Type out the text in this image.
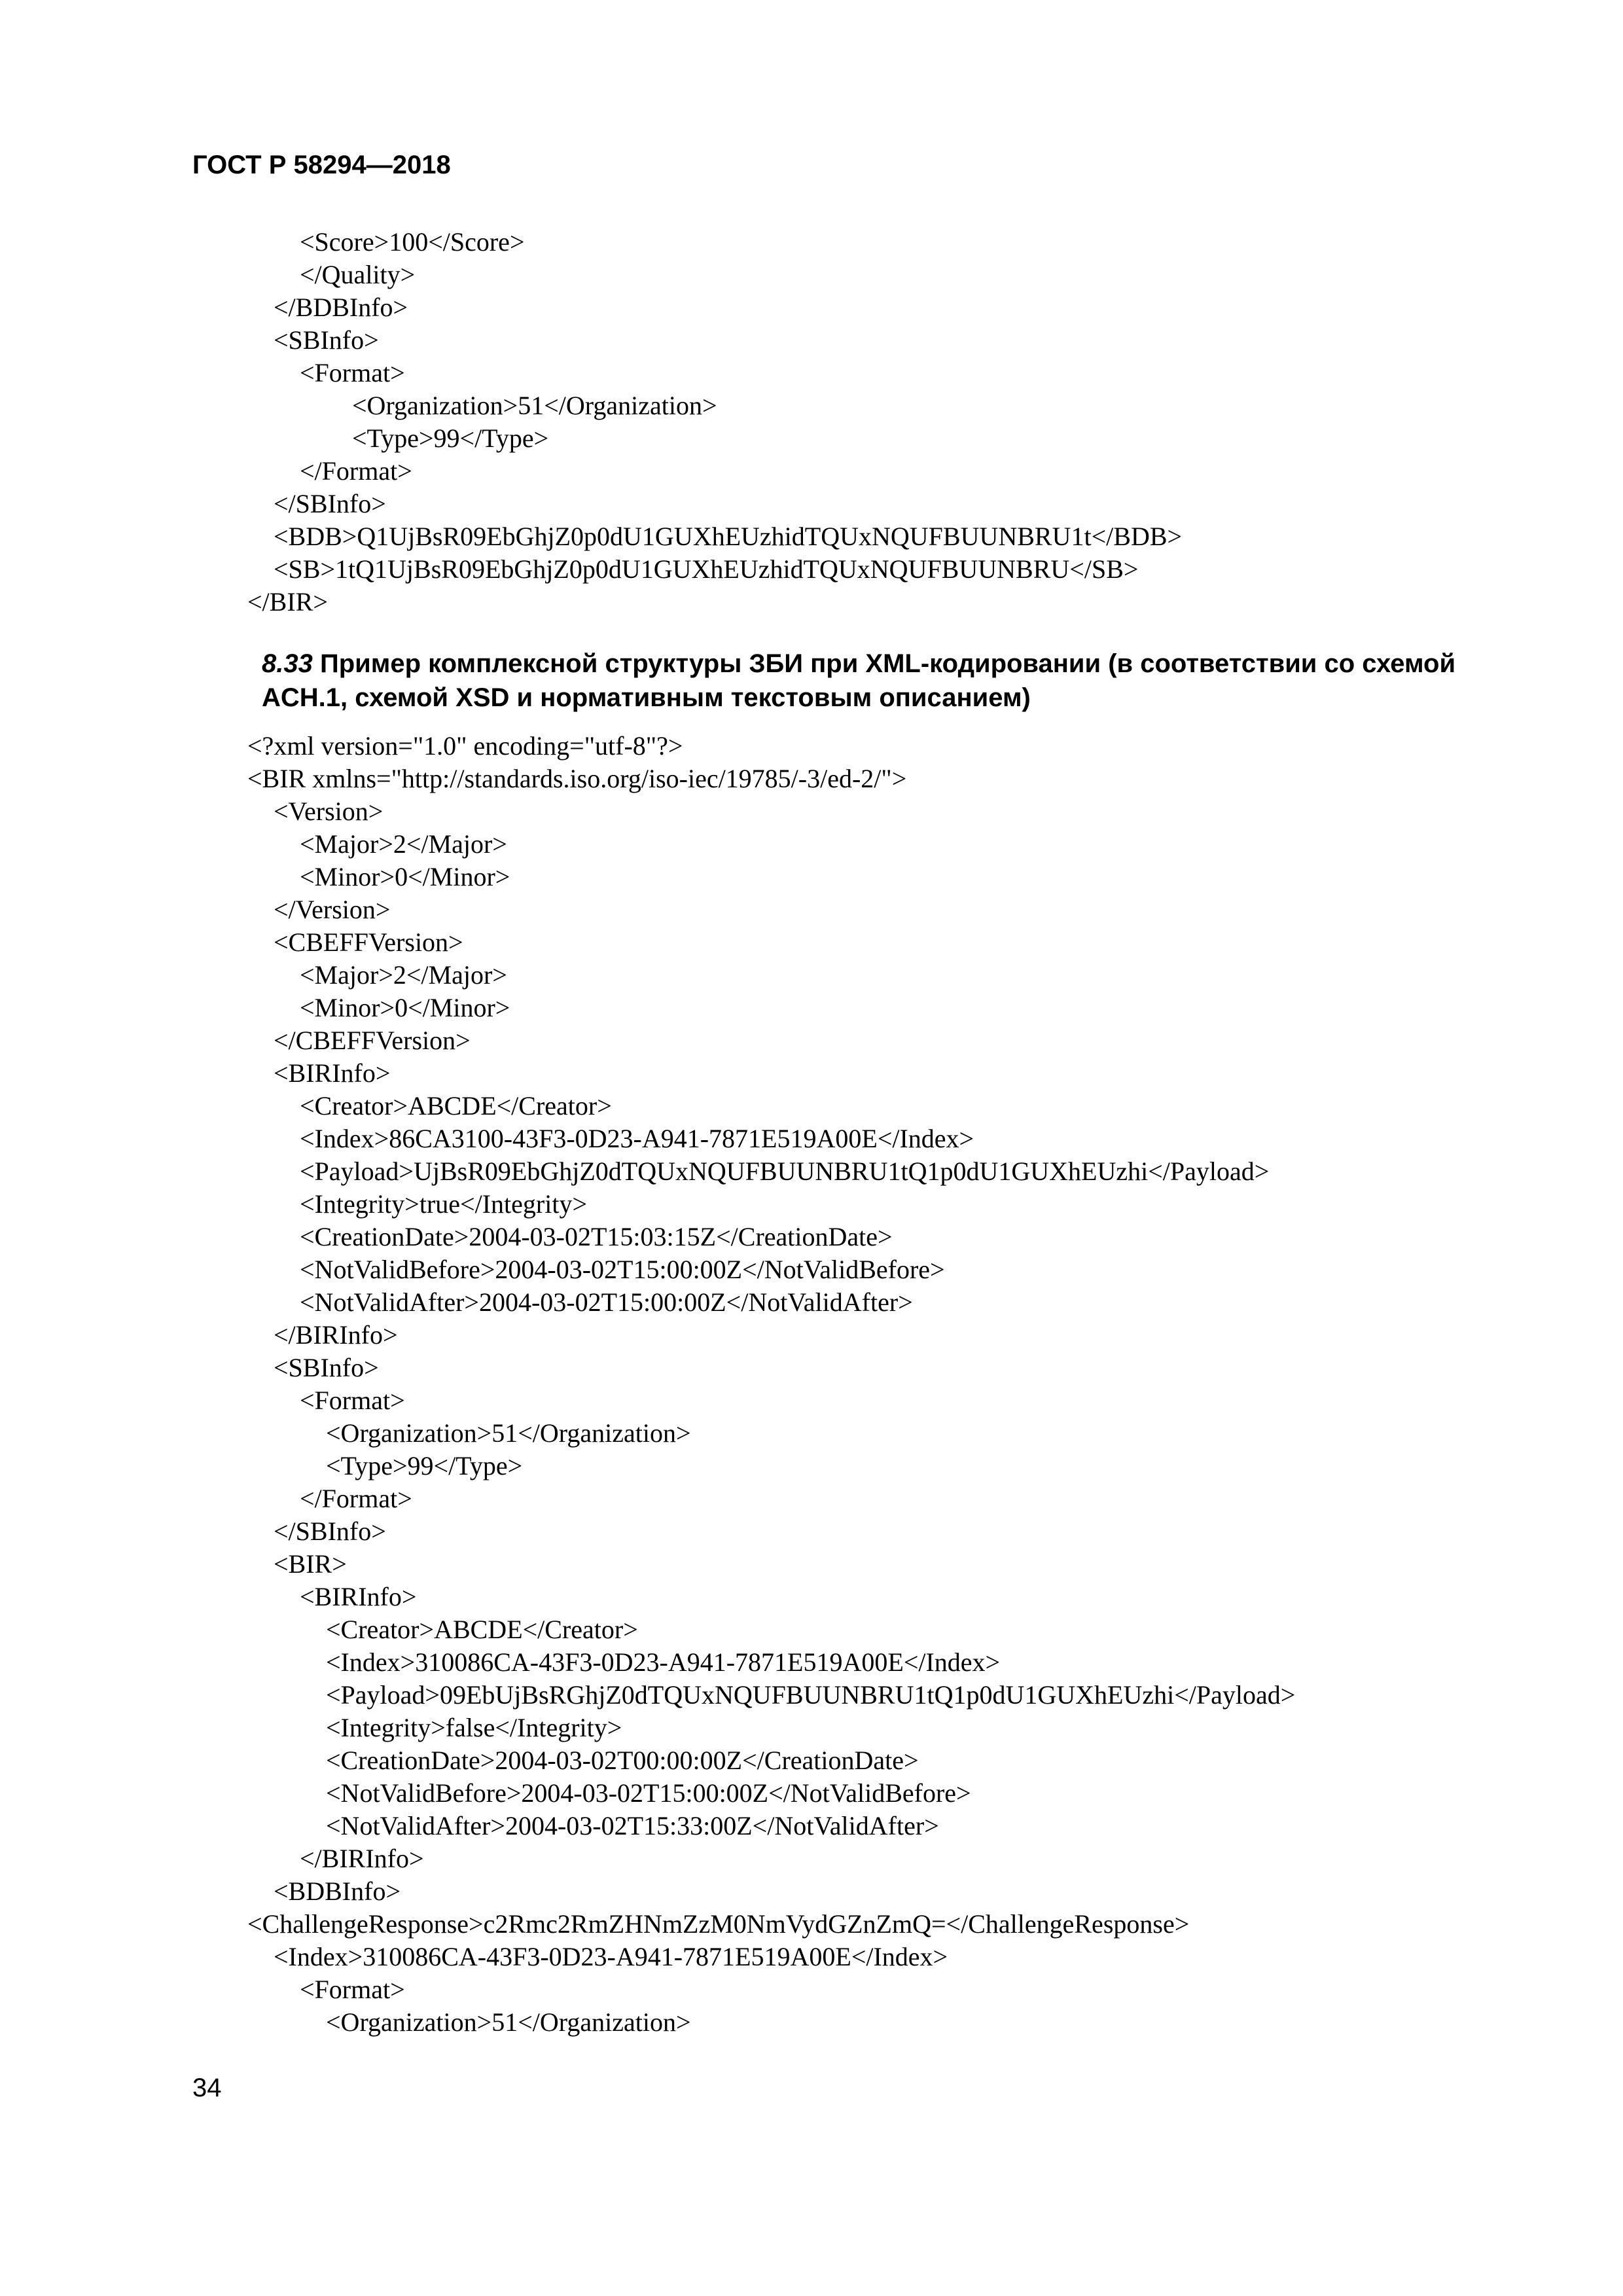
ГОСТ Р 58294—2018
<Score>100</Score>
</Quality>
</BDBInfo>
<SBInfo>
<Format>
<Organization>51</Organization>
<Type>99</Type>
</Format>
</SBInfo>
<BDB>Q1UjBsR09EbGhjZ0p0dU1GUXhEUzhidTQUxNQUFBUUNBRU1t</BDB>
<SB>1tQ1UjBsR09EbGhjZ0p0dU1GUXhEUzhidTQUxNQUFBUUNBRU</SB>
</BIR>
8.33 Пример комплексной структуры ЗБИ при XML-кодировании (в соответствии со схемой
ACH.1, схемой XSD и нормативным текстовым описанием)
<?xml version="1.0" encoding="utf-8"?>
<BIR xmlns="http://standards.iso.org/iso-iec/19785/-3/ed-2/">
<Version>
<Major>2</Major>
<Minor>0</Minor>
</Version>
<CBEFFVersion>
<Major>2</Major>
<Minor>0</Minor>
</CBEFFVersion>
<BIRInfo>
<Creator>ABCDE</Creator>
<Index>86CA3100-43F3-0D23-A941-7871E519A00E</Index>
<Payload>UjBsR09EbGhjZ0dTQUxNQUFBUUNBRU1tQ1p0dU1GUXhEUzhi</Payload>
<Integrity>true</Integrity>
<CreationDate>2004-03-02T15:03:15Z</CreationDate>
<NotValidBefore>2004-03-02T15:00:00Z</NotValidBefore>
<NotValidAfter>2004-03-02T15:00:00Z</NotValidAfter>
</BIRInfo>
<SBInfo>
<Format>
<Organization>51</Organization>
<Type>99</Type>
</Format>
</SBInfo>
<BIR>
<BIRInfo>
<Creator>ABCDE</Creator>
<Index>310086CA-43F3-0D23-A941-7871E519A00E</Index>
<Payload>09EbUjBsRGhjZ0dTQUxNQUFBUUNBRU1tQ1p0dU1GUXhEUzhi</Payload>
<Integrity>false</Integrity>
<CreationDate>2004-03-02T00:00:00Z</CreationDate>
<NotValidBefore>2004-03-02T15:00:00Z</NotValidBefore>
<NotValidAfter>2004-03-02T15:33:00Z</NotValidAfter>
</BIRInfo>
<BDBInfo>
<ChallengeResponse>c2Rmc2RmZHNmZzM0NmVydGZnZmQ=</ChallengeResponse>
<Index>310086CA-43F3-0D23-A941-7871E519A00E</Index>
<Format>
<Organization>51</Organization>
34
